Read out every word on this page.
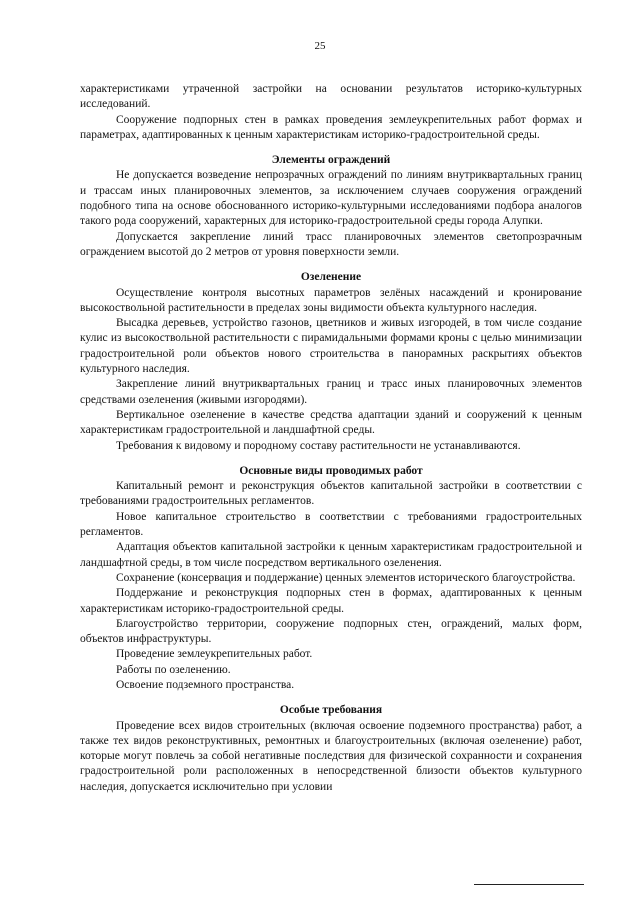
25

характеристиками утраченной застройки на основании результатов историко-культурных исследований.

Сооружение подпорных стен в рамках проведения землеукрепительных работ формах и параметрах, адаптированных к ценным характеристикам историко-градостроительной среды.

Элементы ограждений

Не допускается возведение непрозрачных ограждений по линиям внутриквартальных границ и трассам иных планировочных элементов, за исключением случаев сооружения ограждений подобного типа на основе обоснованного историко-культурными исследованиями подбора аналогов такого рода сооружений, характерных для историко-градостроительной среды города Алупки.

Допускается закрепление линий трасс планировочных элементов светопрозрачным ограждением высотой до 2 метров от уровня поверхности земли.

Озеленение

Осуществление контроля высотных параметров зелёных насаждений и кронирование высокоствольной растительности в пределах зоны видимости объекта культурного наследия.

Высадка деревьев, устройство газонов, цветников и живых изгородей, в том числе создание кулис из высокоствольной растительности с пирамидальными формами кроны с целью минимизации градостроительной роли объектов нового строительства в панорамных раскрытиях объектов культурного наследия.

Закрепление линий внутриквартальных границ и трасс иных планировочных элементов средствами озеленения (живыми изгородями).

Вертикальное озеленение в качестве средства адаптации зданий и сооружений к ценным характеристикам градостроительной и ландшафтной среды.

Требования к видовому и породному составу растительности не устанавливаются.

Основные виды проводимых работ

Капитальный ремонт и реконструкция объектов капитальной застройки в соответствии с требованиями градостроительных регламентов.

Новое капитальное строительство в соответствии с требованиями градостроительных регламентов.

Адаптация объектов капитальной застройки к ценным характеристикам градостроительной и ландшафтной среды, в том числе посредством вертикального озеленения.

Сохранение (консервация и поддержание) ценных элементов исторического благоустройства.

Поддержание и реконструкция подпорных стен в формах, адаптированных к ценным характеристикам историко-градостроительной среды.

Благоустройство территории, сооружение подпорных стен, ограждений, малых форм, объектов инфраструктуры.

Проведение землеукрепительных работ.

Работы по озеленению.

Освоение подземного пространства.

Особые требования

Проведение всех видов строительных (включая освоение подземного пространства) работ, а также тех видов реконструктивных, ремонтных и благоустроительных (включая озеленение) работ, которые могут повлечь за собой негативные последствия для физической сохранности и сохранения градостроительной роли расположенных в непосредственной близости объектов культурного наследия, допускается исключительно при условии
